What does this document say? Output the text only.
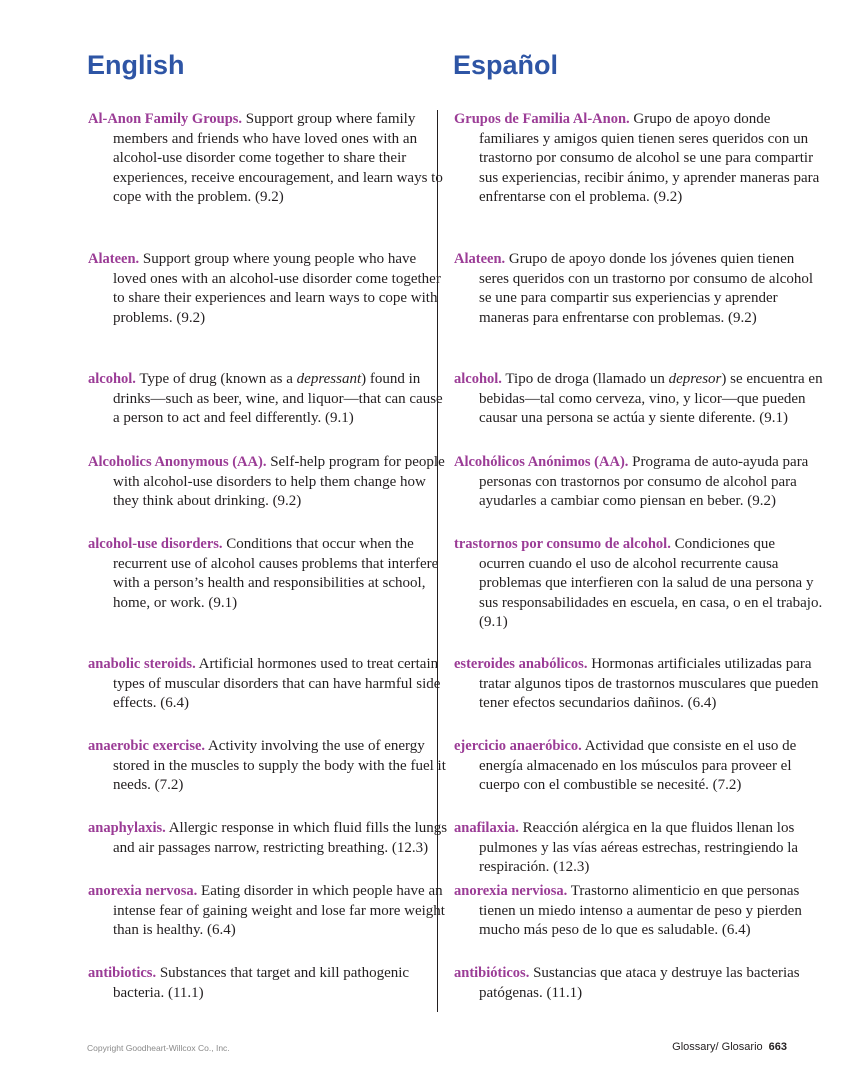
English	Español

Al-Anon Family Groups. Support group where family members and friends who have loved ones with an alcohol-use disorder come together to share their experiences, receive encouragement, and learn ways to cope with the problem. (9.2)

Alateen. Support group where young people who have loved ones with an alcohol-use disorder come together to share their experiences and learn ways to cope with problems. (9.2)

alcohol. Type of drug (known as a depressant) found in drinks—such as beer, wine, and liquor—that can cause a person to act and feel differently. (9.1)

Alcoholics Anonymous (AA). Self-help program for people with alcohol-use disorders to help them change how they think about drinking. (9.2)

alcohol-use disorders. Conditions that occur when the recurrent use of alcohol causes problems that interfere with a person’s health and responsibilities at school, home, or work. (9.1)

anabolic steroids. Artificial hormones used to treat certain types of muscular disorders that can have harmful side effects. (6.4)

anaerobic exercise. Activity involving the use of energy stored in the muscles to supply the body with the fuel it needs. (7.2)

anaphylaxis. Allergic response in which fluid fills the lungs and air passages narrow, restricting breathing. (12.3)

anorexia nervosa. Eating disorder in which people have an intense fear of gaining weight and lose far more weight than is healthy. (6.4)

antibiotics. Substances that target and kill pathogenic bacteria. (11.1)

Grupos de Familia Al-Anon. Grupo de apoyo donde familiares y amigos quien tienen seres queridos con un trastorno por consumo de alcohol se une para compartir sus experiencias, recibir ánimo, y aprender maneras para enfrentarse con el problema. (9.2)

Alateen. Grupo de apoyo donde los jóvenes quien tienen seres queridos con un trastorno por consumo de alcohol se une para compartir sus experiencias y aprender maneras para enfrentarse con problemas. (9.2)

alcohol. Tipo de droga (llamado un depresor) se encuentra en bebidas—tal como cerveza, vino, y licor—que pueden causar una persona se actúa y siente diferente. (9.1)

Alcohólicos Anónimos (AA). Programa de auto-ayuda para personas con trastornos por consumo de alcohol para ayudarles a cambiar como piensan en beber. (9.2)

trastornos por consumo de alcohol. Condiciones que ocurren cuando el uso de alcohol recurrente causa problemas que interfieren con la salud de una persona y sus responsabilidades en escuela, en casa, o en el trabajo. (9.1)

esteroides anabólicos. Hormonas artificiales utilizadas para tratar algunos tipos de trastornos musculares que pueden tener efectos secundarios dañinos. (6.4)

ejercicio anaeróbico. Actividad que consiste en el uso de energía almacenado en los músculos para proveer el cuerpo con el combustible se necesité. (7.2)

anafilaxia. Reacción alérgica en la que fluidos llenan los pulmones y las vías aéreas estrechas, restringiendo la respiración. (12.3)

anorexia nerviosa. Trastorno alimenticio en que personas tienen un miedo intenso a aumentar de peso y pierden mucho más peso de lo que es saludable. (6.4)

antibióticos. Sustancias que ataca y destruye las bacterias patógenas. (11.1)

Copyright Goodheart-Willcox Co., Inc.	Glossary/ Glosario 663
